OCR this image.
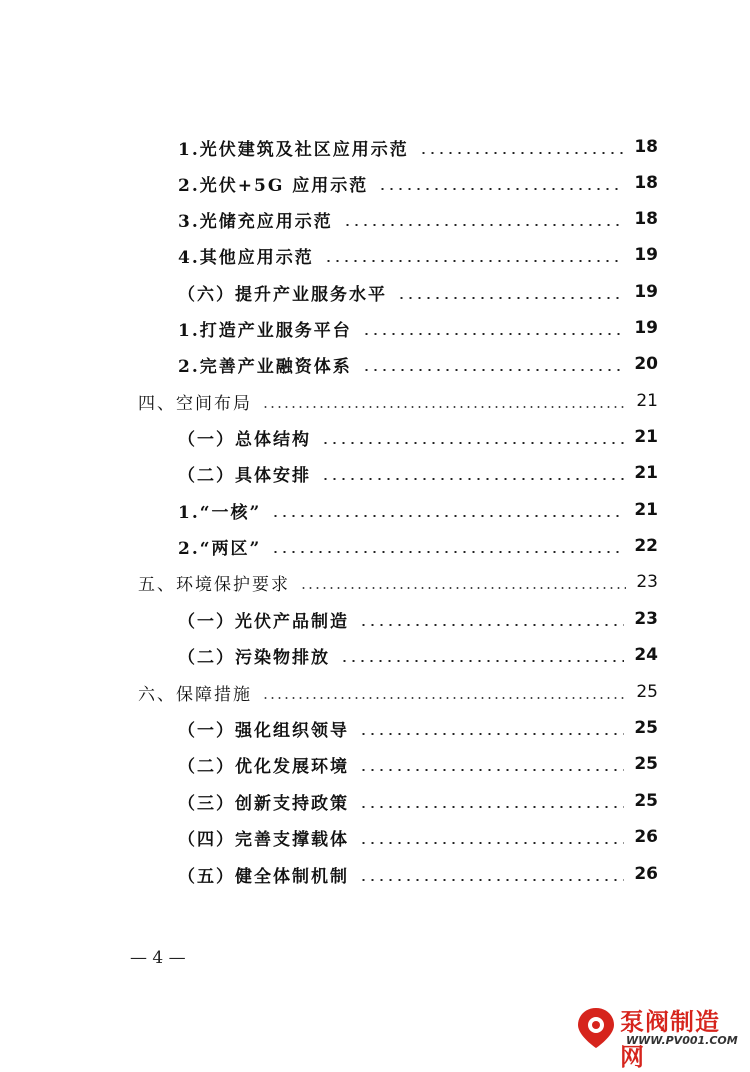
1.光伏建筑及社区应用示范	18
2.光伏+5G 应用示范	18
3.光储充应用示范	18
4.其他应用示范	19
（六）提升产业服务水平	19
1.打造产业服务平台	19
2.完善产业融资体系	20
四、空间布局	21
（一）总体结构	21
（二）具体安排	21
1.“一核”	21
2.“两区”	22
五、环境保护要求	23
（一）光伏产品制造	23
（二）污染物排放	24
六、保障措施	25
（一）强化组织领导	25
（二）优化发展环境	25
（三）创新支持政策	25
（四）完善支撑载体	26
（五）健全体制机制	26
— 4 —
泵阀制造网
WWW.PV001.COM
